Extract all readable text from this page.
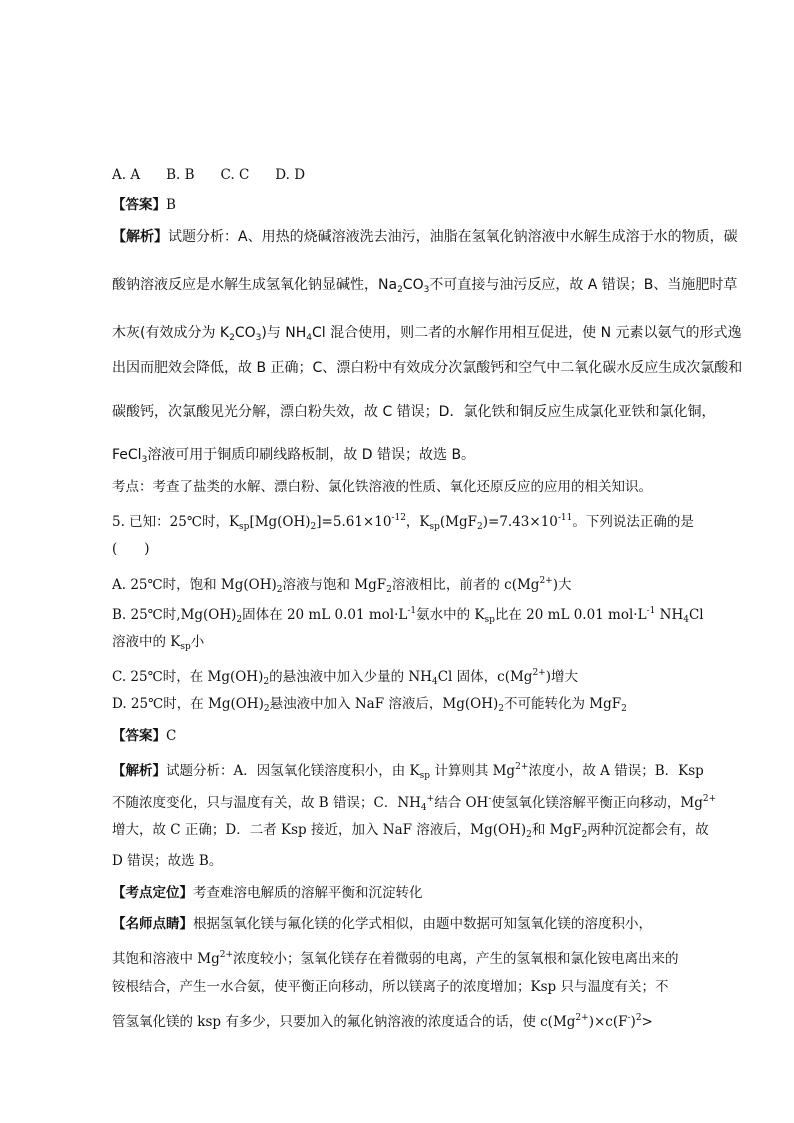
A. A B. B C. C D. D
【答案】B
【解析】试题分析：A、用热的烧碱溶液洗去油污，油脂在氢氧化钠溶液中水解生成溶于水的物质，碳
酸钠溶液反应是水解生成氢氧化钠显碱性，$Na_2CO_3$不可直接与油污反应，故 A 错误；B、当施肥时草
木灰(有效成分为 $K_2CO_3$)与 $NH_4Cl$ 混合使用，则二者的水解作用相互促进，使 N 元素以氨气的形式逸
出因而肥效会降低，故 B 正确；C、漂白粉中有效成分次氯酸钙和空气中二氧化碳水反应生成次氯酸和
碳酸钙，次氯酸见光分解，漂白粉失效，故 C 错误；D．氯化铁和铜反应生成氯化亚铁和氯化铜，
FeCl$_3$溶液可用于铜质印刷线路板制，故 D 错误；故选 B。
考点：考查了盐类的水解、漂白粉、氯化铁溶液的性质、氧化还原反应的应用的相关知识。
5. 已知：25℃时，$K_{sp}[Mg(OH)_2]=5.61\times 10^{-12}$，$K_{sp}(MgF_2)=7.43\times 10^{-11}$。下列说法正确的是
(　　)
A. 25℃时，饱和 $Mg(OH)_2$溶液与饱和 MgF$_2$溶液相比，前者的 $c(Mg^{2+})$大
B. 25℃时$,Mg(OH)_2$固体在 20 mL 0.01 $mol\cdot L^{-1}$氨水中的 $K_{sp}$比在 20 mL 0.01 $mol\cdot L^{-1}$ $NH_4Cl$
溶液中的 $K_{sp}$小
C. 25℃时，在 $Mg(OH)_2$的悬浊液中加入少量的 $NH_4Cl$ 固体，$c(Mg^{2+})$增大
D. 25℃时，在 $Mg(OH)_2$悬浊液中加入 NaF 溶液后，$Mg(OH)_2$不可能转化为 MgF$_2$
【答案】C
【解析】试题分析：A．因氢氧化镁溶度积小，由 $K_{sp}$ 计算则其 $Mg^{2+}$浓度小，故 A 错误；B．Ksp
不随浓度变化，只与温度有关，故 B 错误；C．$NH_4^+$结合 OH-使氢氧化镁溶解平衡正向移动，$Mg^{2+}$
增大，故 C 正确；D．二者 Ksp 接近，加入 NaF 溶液后，$Mg(OH)_2$和 MgF$_2$两种沉淀都会有，故
D 错误；故选 B。
【考点定位】考查难溶电解质的溶解平衡和沉淀转化
【名师点睛】根据氢氧化镁与氟化镁的化学式相似，由题中数据可知氢氧化镁的溶度积小，
其饱和溶液中 $Mg^{2+}$浓度较小；氢氧化镁存在着微弱的电离，产生的氢氧根和氯化铵电离出来的
铵根结合，产生一水合氨，使平衡正向移动，所以镁离子的浓度增加；Ksp 只与温度有关；不
管氢氧化镁的 ksp 有多少，只要加入的氟化钠溶液的浓度适合的话，使 $c(Mg^{2+})\times c(F^-)^2>$
